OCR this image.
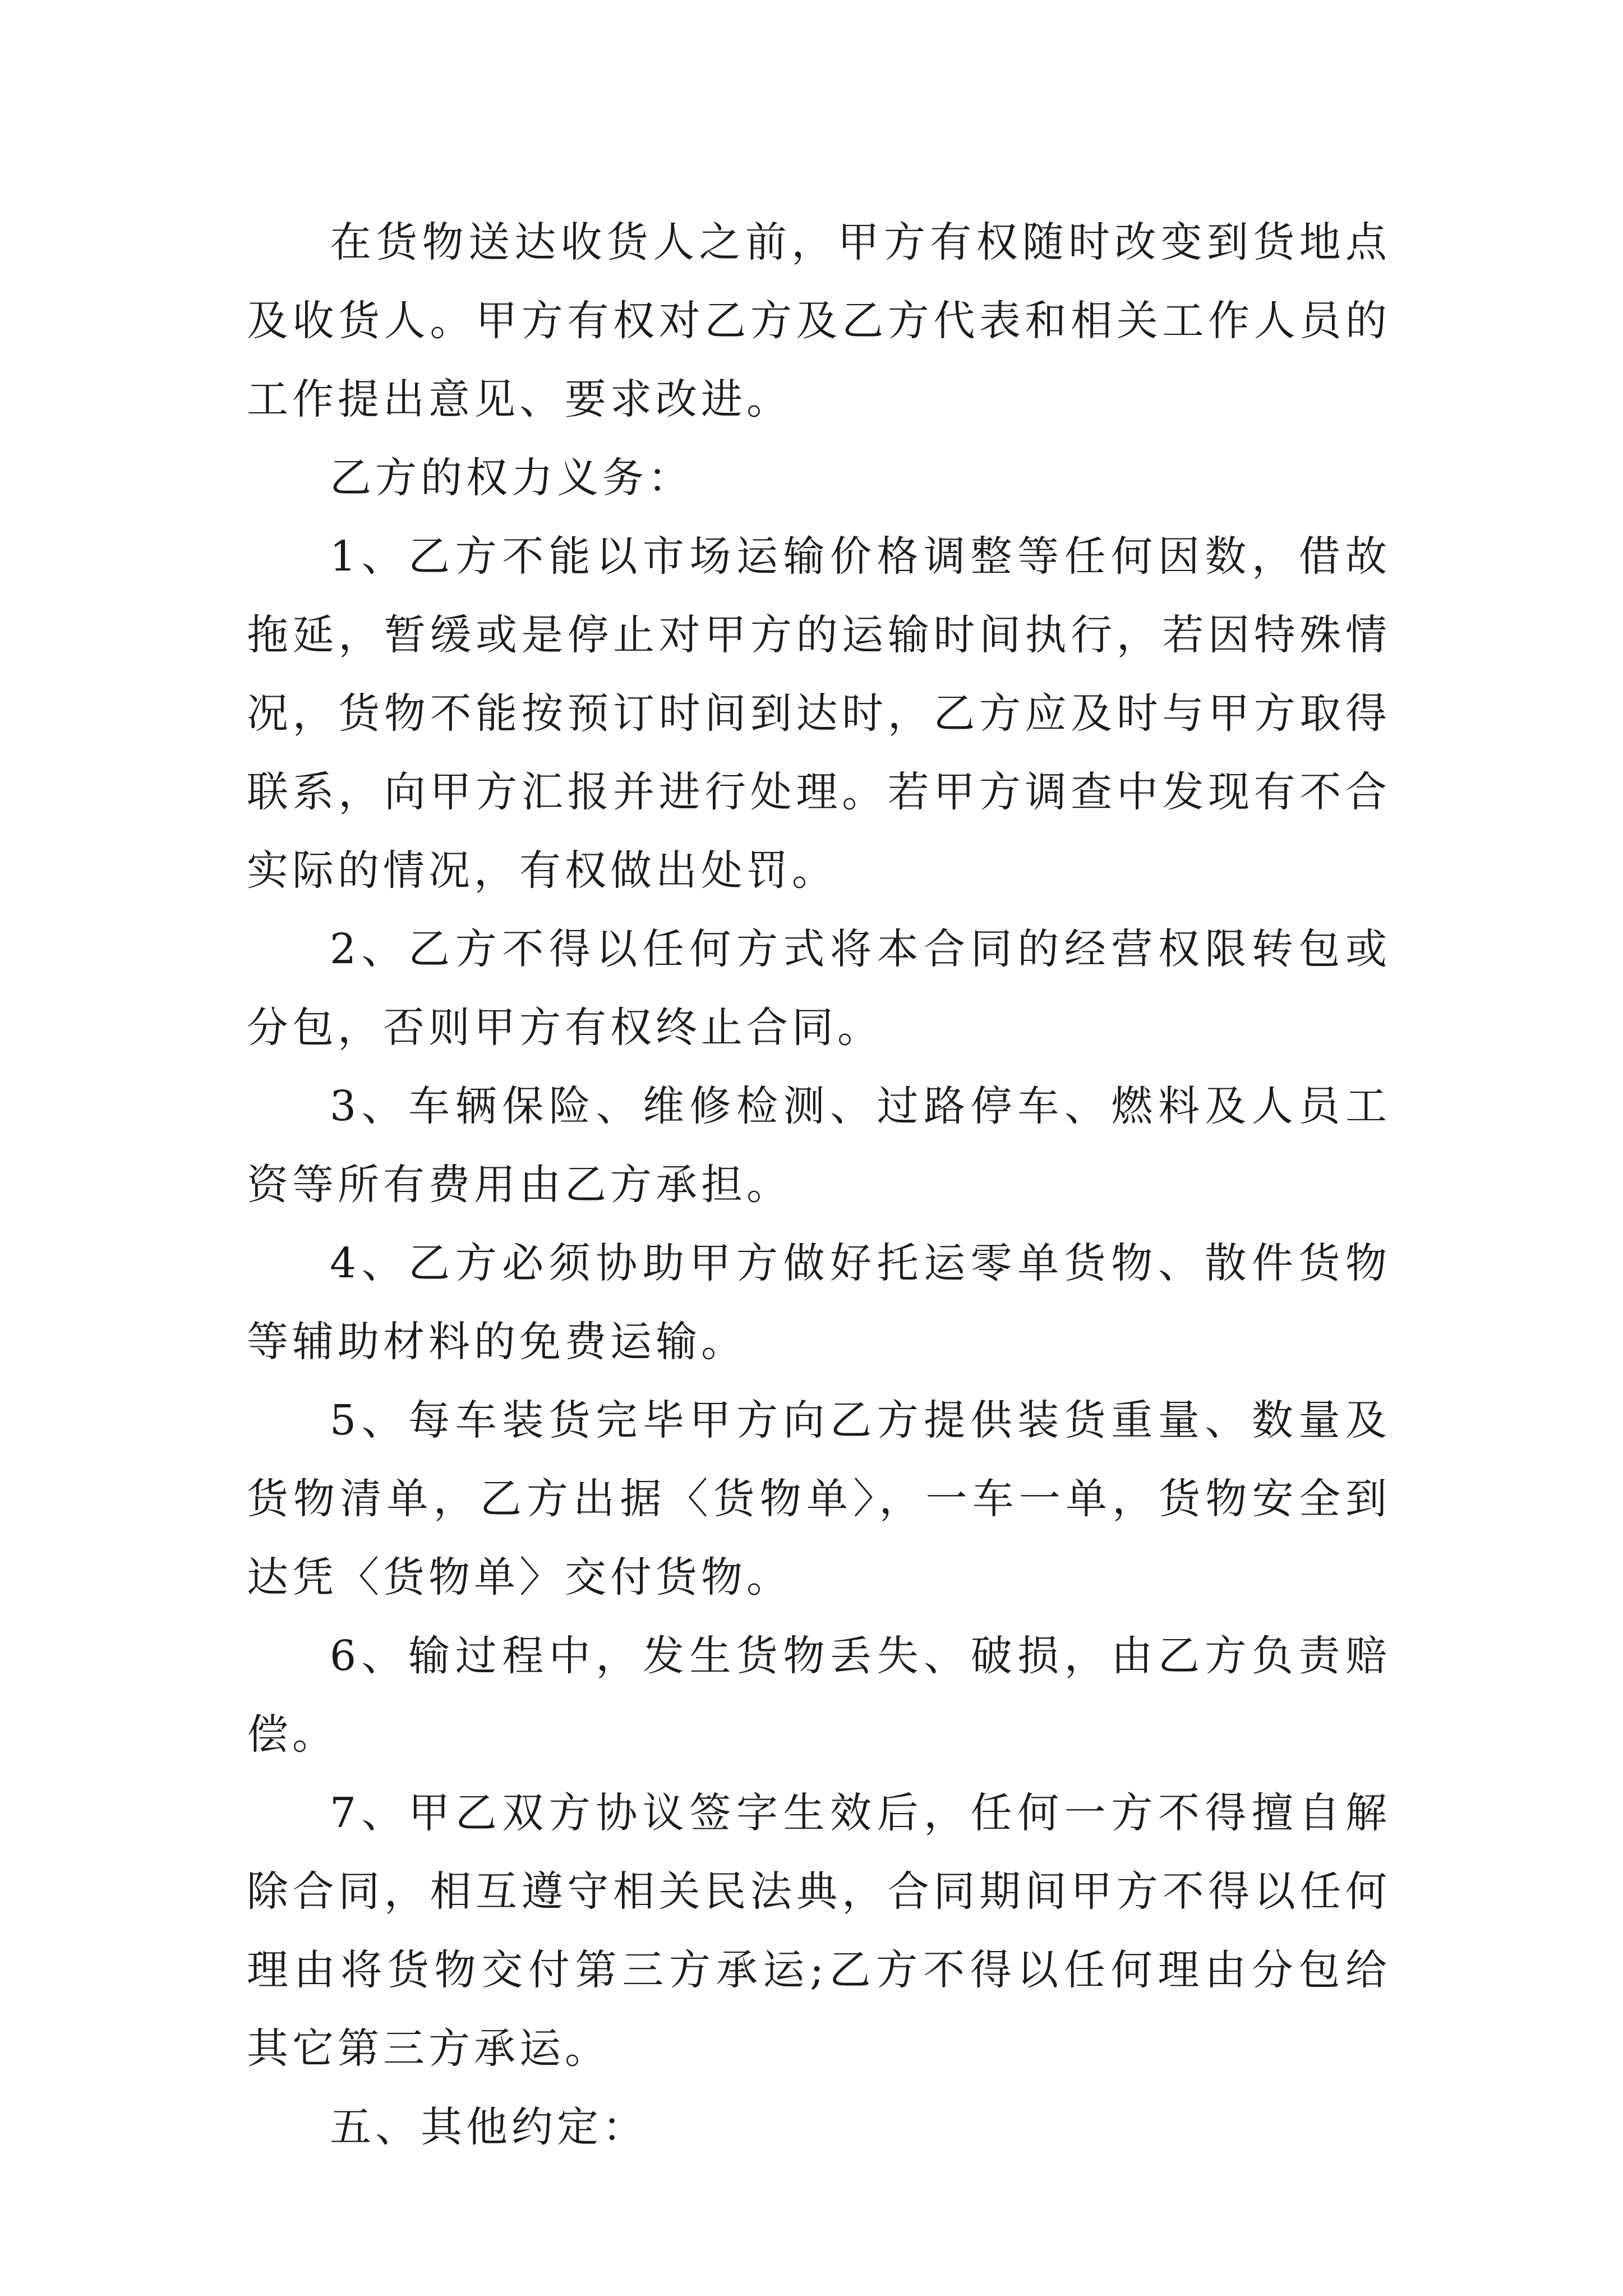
在货物送达收货人之前，甲方有权随时改变到货地点及收货人。甲方有权对乙方及乙方代表和相关工作人员的工作提出意见、要求改进。

乙方的权力义务：

1、乙方不能以市场运输价格调整等任何因数，借故拖延，暂缓或是停止对甲方的运输时间执行，若因特殊情况，货物不能按预订时间到达时，乙方应及时与甲方取得联系，向甲方汇报并进行处理。若甲方调查中发现有不合实际的情况，有权做出处罚。

2、乙方不得以任何方式将本合同的经营权限转包或分包，否则甲方有权终止合同。

3、车辆保险、维修检测、过路停车、燃料及人员工资等所有费用由乙方承担。

4、乙方必须协助甲方做好托运零单货物、散件货物等辅助材料的免费运输。

5、每车装货完毕甲方向乙方提供装货重量、数量及货物清单，乙方出据〈货物单〉，一车一单，货物安全到达凭〈货物单〉交付货物。

6、输过程中，发生货物丢失、破损，由乙方负责赔偿。

7、甲乙双方协议签字生效后，任何一方不得擅自解除合同，相互遵守相关民法典，合同期间甲方不得以任何理由将货物交付第三方承运;乙方不得以任何理由分包给其它第三方承运。

五、其他约定：
